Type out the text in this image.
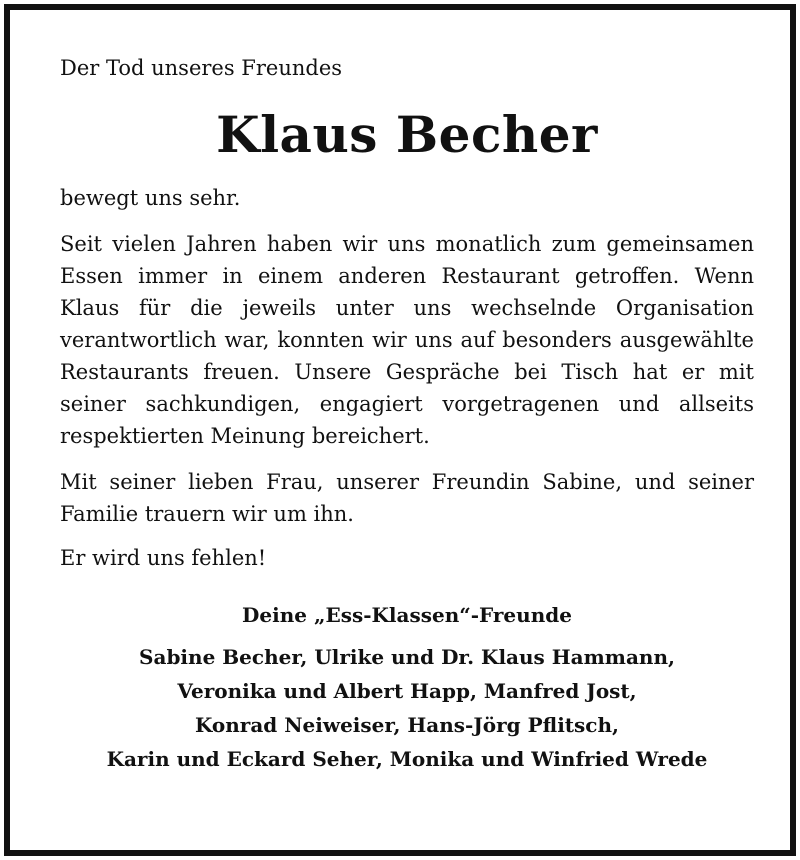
Der Tod unseres Freundes
Klaus Becher
bewegt uns sehr.
Seit vielen Jahren haben wir uns monatlich zum gemeinsamen Essen immer in einem anderen Restaurant getroffen. Wenn Klaus für die jeweils unter uns wechselnde Organisation verantwortlich war, konnten wir uns auf besonders ausgewählte Restaurants freuen. Unsere Gespräche bei Tisch hat er mit seiner sachkundigen, engagiert vorgetragenen und allseits respektierten Meinung bereichert.
Mit seiner lieben Frau, unserer Freundin Sabine, und seiner Familie trauern wir um ihn.
Er wird uns fehlen!
Deine „Ess-Klassen“-Freunde
Sabine Becher, Ulrike und Dr. Klaus Hammann,
Veronika und Albert Happ, Manfred Jost,
Konrad Neiweiser, Hans-Jörg Pflitsch,
Karin und Eckard Seher, Monika und Winfried Wrede
